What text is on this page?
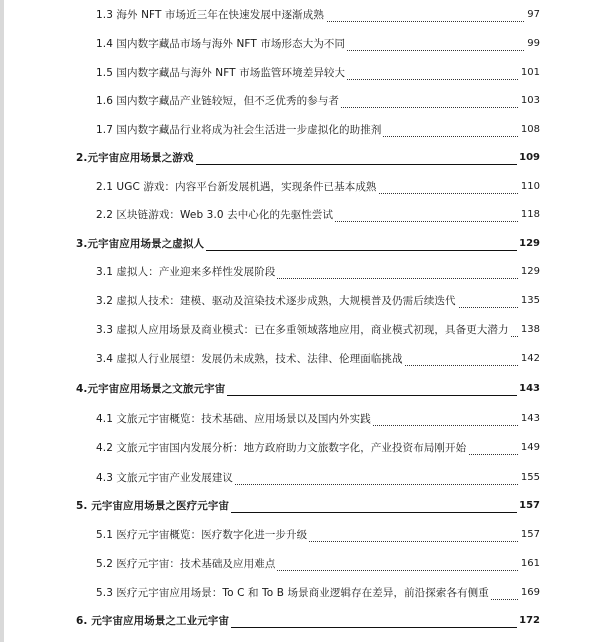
1.3 海外 NFT 市场近三年在快速发展中逐渐成熟	97
1.4 国内数字藏品市场与海外 NFT 市场形态大为不同	99
1.5 国内数字藏品与海外 NFT 市场监管环境差异较大	101
1.6 国内数字藏品产业链较短，但不乏优秀的参与者	103
1.7 国内数字藏品行业将成为社会生活进一步虚拟化的助推剂	108
2.元宇宙应用场景之游戏	109
2.1 UGC 游戏：内容平台新发展机遇，实现条件已基本成熟	110
2.2 区块链游戏：Web 3.0 去中心化的先驱性尝试	118
3.元宇宙应用场景之虚拟人	129
3.1 虚拟人：产业迎来多样性发展阶段	129
3.2 虚拟人技术：建模、驱动及渲染技术逐步成熟，大规模普及仍需后续迭代	135
3.3 虚拟人应用场景及商业模式：已在多重领域落地应用，商业模式初现，具备更大潜力 138
3.4 虚拟人行业展望：发展仍未成熟，技术、法律、伦理面临挑战	142
4.元宇宙应用场景之文旅元宇宙	143
4.1 文旅元宇宙概览：技术基础、应用场景以及国内外实践	143
4.2 文旅元宇宙国内发展分析：地方政府助力文旅数字化，产业投资布局刚开始	149
4.3 文旅元宇宙产业发展建议	155
5. 元宇宙应用场景之医疗元宇宙	157
5.1 医疗元宇宙概览：医疗数字化进一步升级	157
5.2 医疗元宇宙：技术基础及应用难点	161
5.3 医疗元宇宙应用场景：To C 和 To B 场景商业逻辑存在差异，前沿探索各有侧重	169
6. 元宇宙应用场景之工业元宇宙	172
